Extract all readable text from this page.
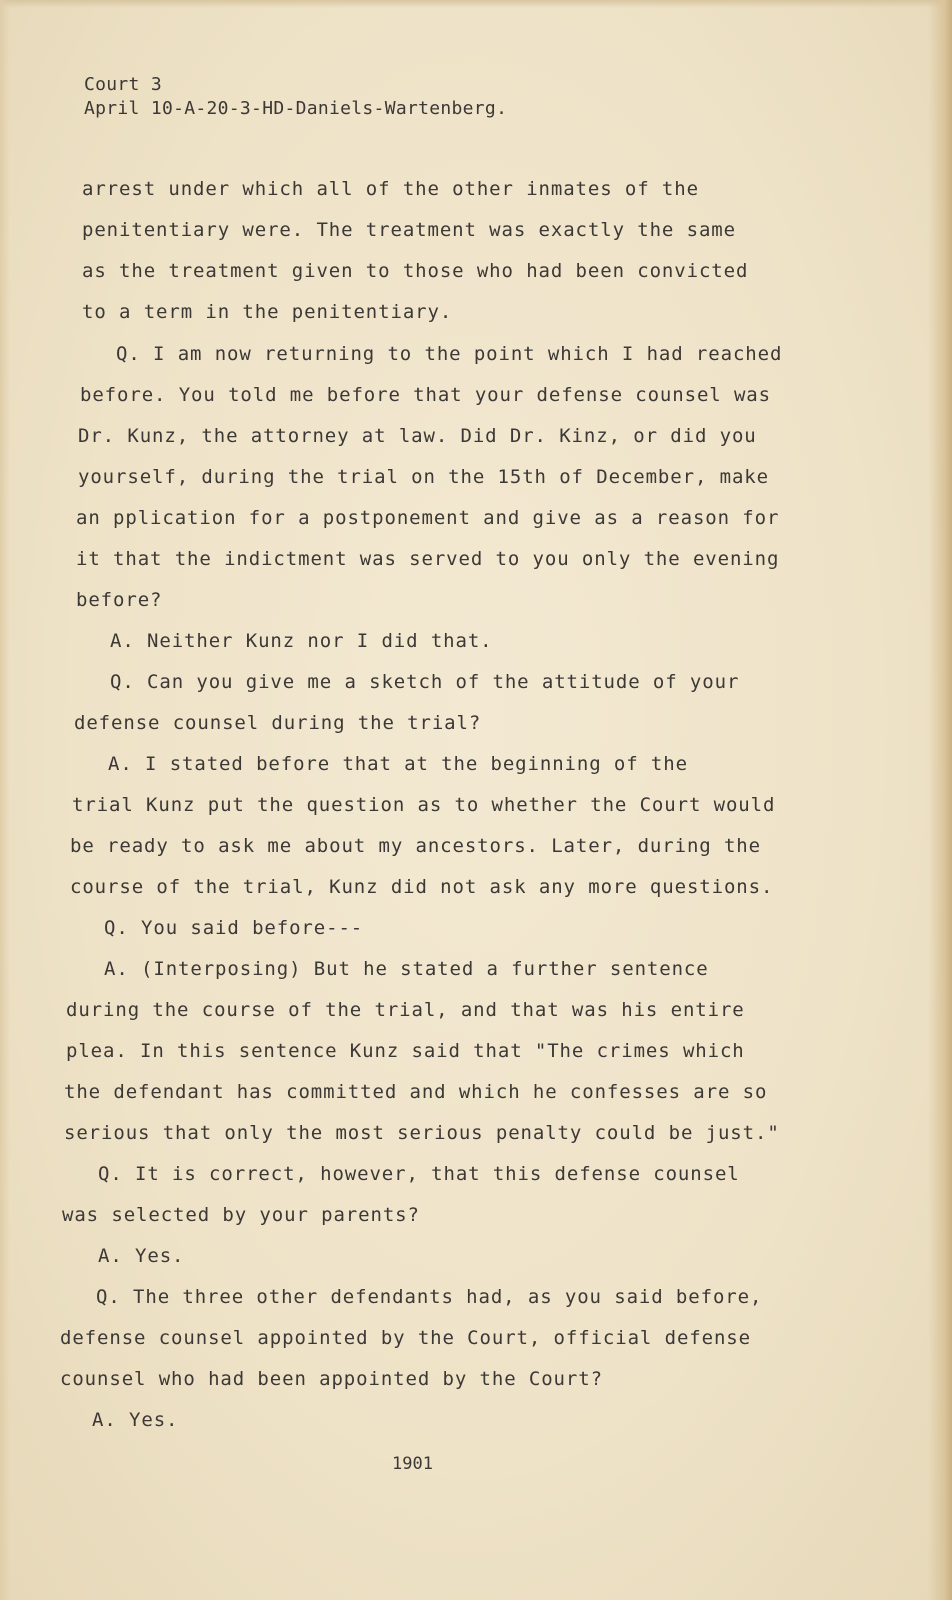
Court 3
April 10-A-20-3-HD-Daniels-Wartenberg.
arrest under which all of the other inmates of the
penitentiary were. The treatment was exactly the same
as the treatment given to those who had been convicted
to a term in the penitentiary.
Q. I am now returning to the point which I had reached
before. You told me before that your defense counsel was
Dr. Kunz, the attorney at law. Did Dr. Kinz, or did you
yourself, during the trial on the 15th of December, make
an pplication for a postponement and give as a reason for
it that the indictment was served to you only the evening
before?
A. Neither Kunz nor I did that.
Q. Can you give me a sketch of the attitude of your
defense counsel during the trial?
A. I stated before that at the beginning of the
trial Kunz put the question as to whether the Court would
be ready to ask me about my ancestors. Later, during the
course of the trial, Kunz did not ask any more questions.
Q. You said before---
A. (Interposing) But he stated a further sentence
during the course of the trial, and that was his entire
plea. In this sentence Kunz said that "The crimes which
the defendant has committed and which he confesses are so
serious that only the most serious penalty could be just."
Q. It is correct, however, that this defense counsel
was selected by your parents?
A. Yes.
Q. The three other defendants had, as you said before,
defense counsel appointed by the Court, official defense
counsel who had been appointed by the Court?
A. Yes.
1901
